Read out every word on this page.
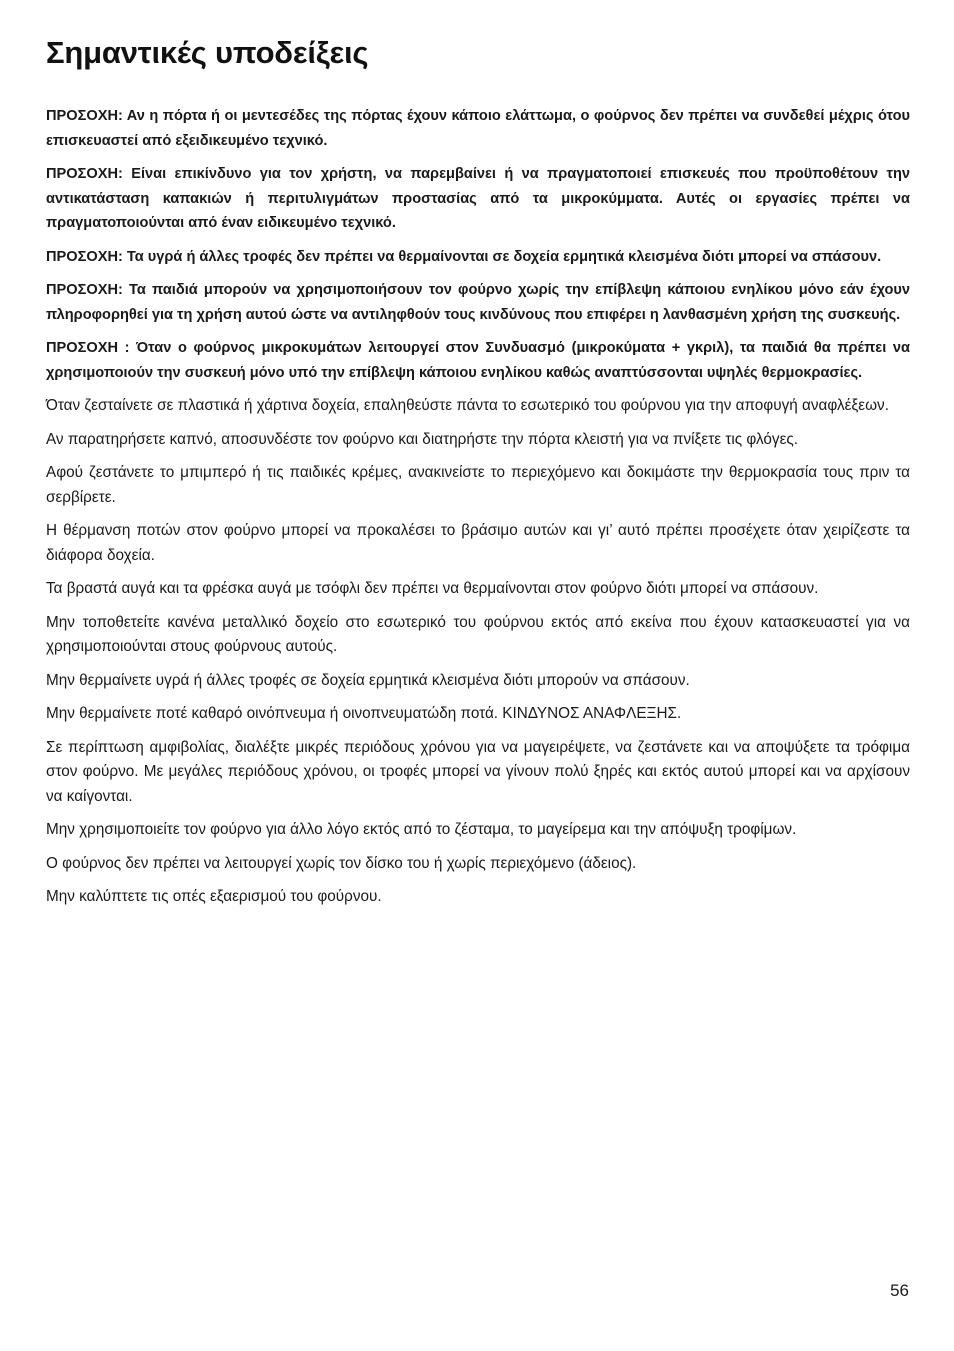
Σημαντικές υποδείξεις

ΠΡΟΣΟΧΗ: Αν η πόρτα ή οι μεντεσέδες της πόρτας έχουν κάποιο ελάττωμα, ο φούρνος δεν πρέπει να συνδεθεί μέχρις ότου επισκευαστεί από εξειδικευμένο τεχνικό.

ΠΡΟΣΟΧΗ: Είναι επικίνδυνο για τον χρήστη, να παρεμβαίνει ή να πραγματοποιεί επισκευές που προϋποθέτουν την αντικατάσταση καπακιών ή περιτυλιγμάτων προστασίας από τα μικροκύμματα. Αυτές οι εργασίες πρέπει να πραγματοποιούνται από έναν ειδικευμένο τεχνικό.

ΠΡΟΣΟΧΗ: Τα υγρά ή άλλες τροφές δεν πρέπει να θερμαίνονται σε δοχεία ερμητικά κλεισμένα διότι μπορεί να σπάσουν.

ΠΡΟΣΟΧΗ: Τα παιδιά μπορούν να χρησιμοποιήσουν τον φούρνο χωρίς την επίβλεψη κάποιου ενηλίκου μόνο εάν έχουν πληροφορηθεί για τη χρήση αυτού ώστε να αντιληφθούν τους κινδύνους που επιφέρει η λανθασμένη χρήση της συσκευής.

ΠΡΟΣΟΧΗ : Όταν ο φούρνος μικροκυμάτων λειτουργεί στον Συνδυασμό (μικροκύματα + γκριλ), τα παιδιά θα πρέπει να χρησιμοποιούν την συσκευή μόνο υπό την επίβλεψη κάποιου ενηλίκου καθώς αναπτύσσονται υψηλές θερμοκρασίες.

Όταν ζεσταίνετε σε πλαστικά ή χάρτινα δοχεία, επαληθεύστε πάντα το εσωτερικό του φούρνου για την αποφυγή αναφλέξεων.

Αν παρατηρήσετε καπνό, αποσυνδέστε τον φούρνο και διατηρήστε την πόρτα κλειστή για να πνίξετε τις φλόγες.

Αφού ζεστάνετε το μπιμπερό ή τις παιδικές κρέμες, ανακινείστε το περιεχόμενο και δοκιμάστε την θερμοκρασία τους πριν τα σερβίρετε.

Η θέρμανση ποτών στον φούρνο μπορεί να προκαλέσει το βράσιμο αυτών και γι’ αυτό πρέπει προσέχετε όταν χειρίζεστε τα διάφορα δοχεία.

Τα βραστά αυγά και τα φρέσκα αυγά με τσόφλι δεν πρέπει να θερμαίνονται στον φούρνο διότι μπορεί να σπάσουν.

Μην τοποθετείτε κανένα μεταλλικό δοχείο στο εσωτερικό του φούρνου εκτός από εκείνα που έχουν κατασκευαστεί για να χρησιμοποιούνται στους φούρνους αυτούς.

Μην θερμαίνετε υγρά ή άλλες τροφές σε δοχεία ερμητικά κλεισμένα διότι μπορούν να σπάσουν.

Μην θερμαίνετε ποτέ καθαρό οινόπνευμα ή οινοπνευματώδη ποτά. ΚΙΝΔΥΝΟΣ ΑΝΑΦΛΕΞΗΣ.

Σε περίπτωση αμφιβολίας, διαλέξτε μικρές περιόδους χρόνου για να μαγειρέψετε, να ζεστάνετε και να αποψύξετε τα τρόφιμα στον φούρνο. Με μεγάλες περιόδους χρόνου, οι τροφές μπορεί να γίνουν πολύ ξηρές και εκτός αυτού μπορεί και να αρχίσουν να καίγονται.

Μην χρησιμοποιείτε τον φούρνο για άλλο λόγο εκτός από το ζέσταμα, το μαγείρεμα και την απόψυξη τροφίμων.

Ο φούρνος δεν πρέπει να λειτουργεί χωρίς τον δίσκο του ή χωρίς περιεχόμενο (άδειος).

Μην καλύπτετε τις οπές εξαερισμού του φούρνου.

56
